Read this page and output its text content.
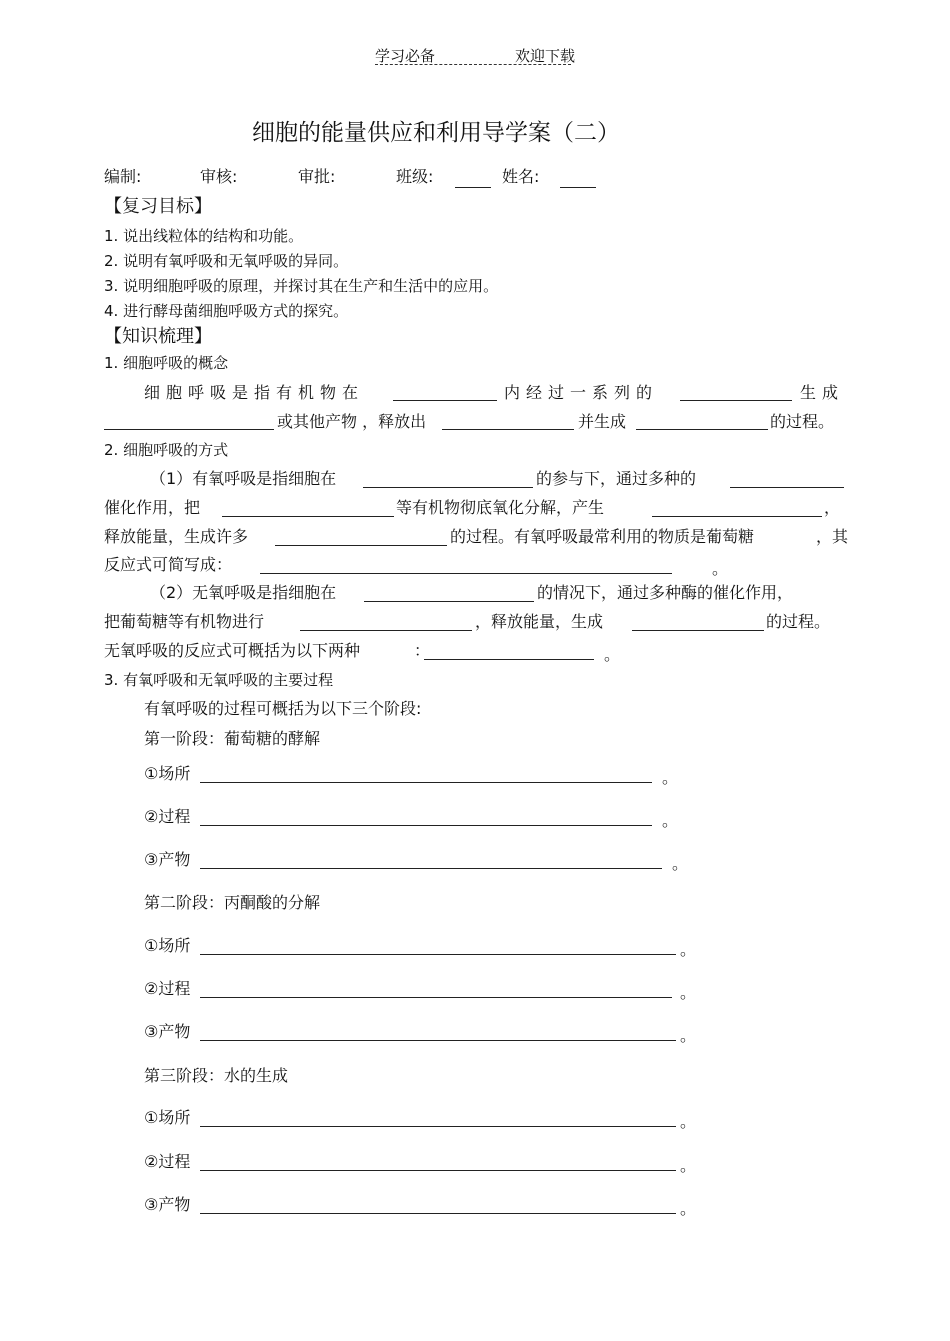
学习必备	欢迎下载
细胞的能量供应和利用导学案（二）
编制:	审核:	审批:	班级:	姓名:
【复习目标】
1. 说出线粒体的结构和功能。
2. 说明有氧呼吸和无氧呼吸的异同。
3. 说明细胞呼吸的原理，并探讨其在生产和生活中的应用。
4. 进行酵母菌细胞呼吸方式的探究。
【知识梳理】
1. 细胞呼吸的概念
细胞呼吸是指有机物在	内经过一系列的	生成
或其他产物 ，释放出	并生成	的过程。
2. 细胞呼吸的方式
（1）有氧呼吸是指细胞在	的参与下，通过多种的
催化作用，把	等有机物彻底氧化分解，产生	，
释放能量，生成许多	的过程。有氧呼吸最常利用的物质是葡萄糖	，其
反应式可简写成：	。
（2）无氧呼吸是指细胞在	的情况下，通过多种酶的催化作用，
把葡萄糖等有机物进行	，释放能量，生成	的过程。
无氧呼吸的反应式可概括为以下两种	：	。
3. 有氧呼吸和无氧呼吸的主要过程
有氧呼吸的过程可概括为以下三个阶段:
第一阶段：葡萄糖的酵解
①场所	。
②过程	。
③产物	。
第二阶段：丙酮酸的分解
①场所	。
②过程	。
③产物	。
第三阶段：水的生成
①场所	。
②过程	。
③产物	。
